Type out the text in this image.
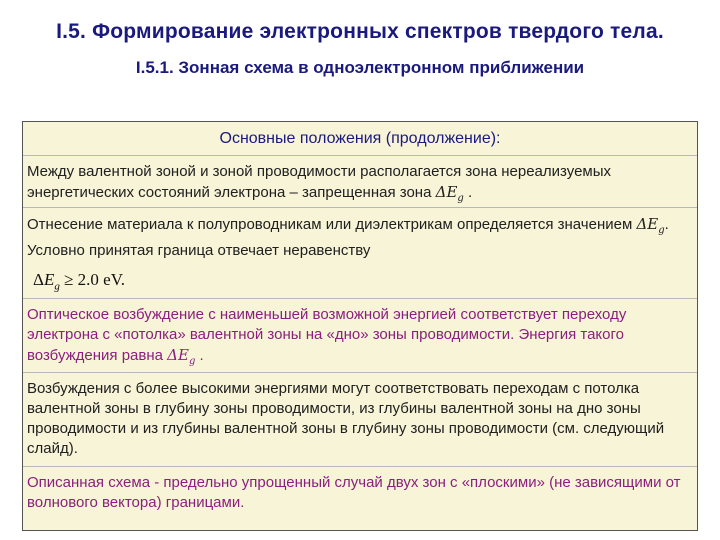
I.5. Формирование электронных спектров твердого тела.
I.5.1. Зонная схема в одноэлектронном приближении
Основные положения (продолжение):
Между валентной зоной и зоной проводимости располагается зона нереализуемых энергетических состояний электрона – запрещенная зона $\Delta E_g$ .
Отнесение материала к полупроводникам или диэлектрикам определяется значением $\Delta E_g$. Условно принятая граница отвечает неравенству
$\Delta E_g \ge 2.0$ eV.
Оптическое возбуждение с наименьшей возможной энергией соответствует переходу электрона с «потолка» валентной зоны на «дно» зоны проводимости. Энергия такого возбуждения равна $\Delta E_g$ .
Возбуждения с более высокими энергиями могут соответствовать переходам с потолка валентной зоны в глубину зоны проводимости, из глубины валентной зоны на дно зоны проводимости и из глубины валентной зоны в глубину зоны проводимости (см. следующий слайд).
Описанная схема - предельно упрощенный случай двух зон с «плоскими» (не зависящими от волнового вектора) границами.
